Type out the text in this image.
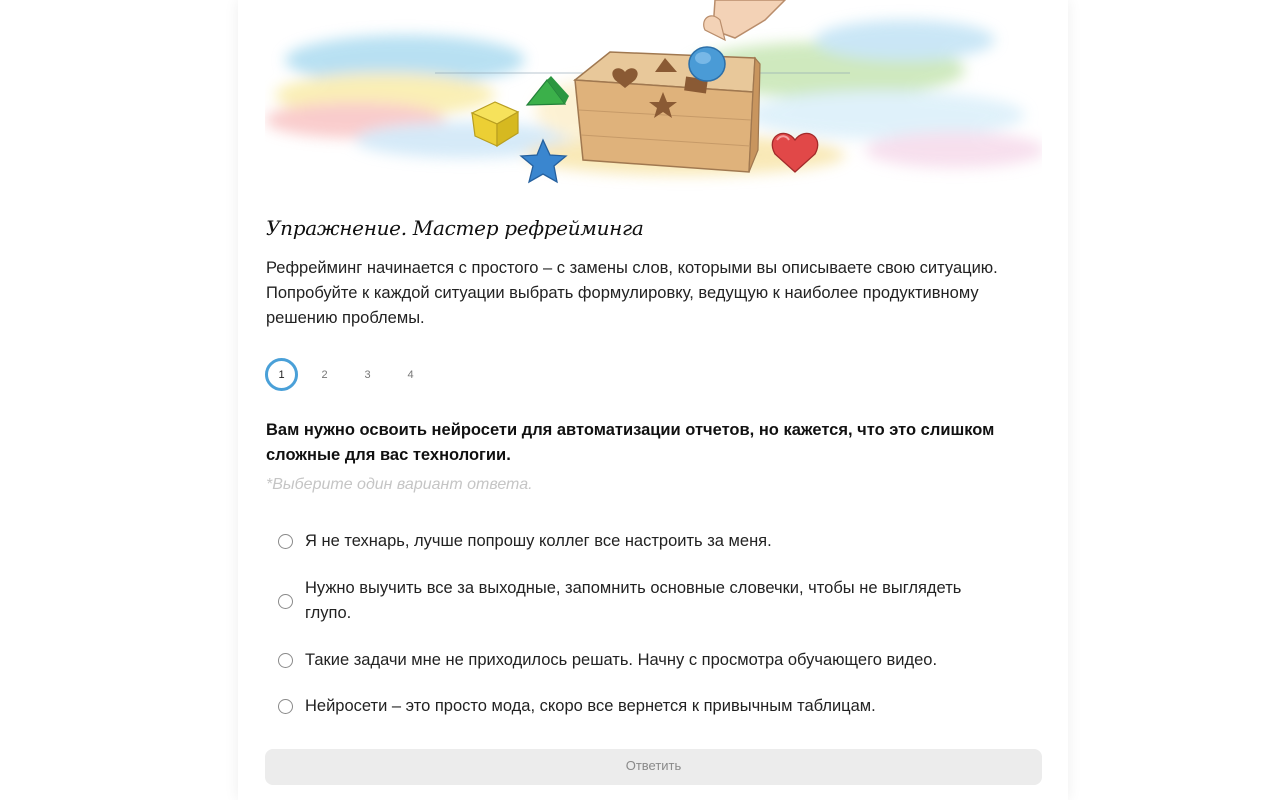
Упражнение. Мастер рефрейминга
Рефрейминг начинается с простого – с замены слов, которыми вы описываете свою ситуацию. Попробуйте к каждой ситуации выбрать формулировку, ведущую к наиболее продуктивному решению проблемы.
1	2	3	4
Вам нужно освоить нейросети для автоматизации отчетов, но кажется, что это слишком сложные для вас технологии.
*Выберите один вариант ответа.
Я не технарь, лучше попрошу коллег все настроить за меня.
Нужно выучить все за выходные, запомнить основные словечки, чтобы не выглядеть глупо.
Такие задачи мне не приходилось решать. Начну с просмотра обучающего видео.
Нейросети – это просто мода, скоро все вернется к привычным таблицам.
Ответить
